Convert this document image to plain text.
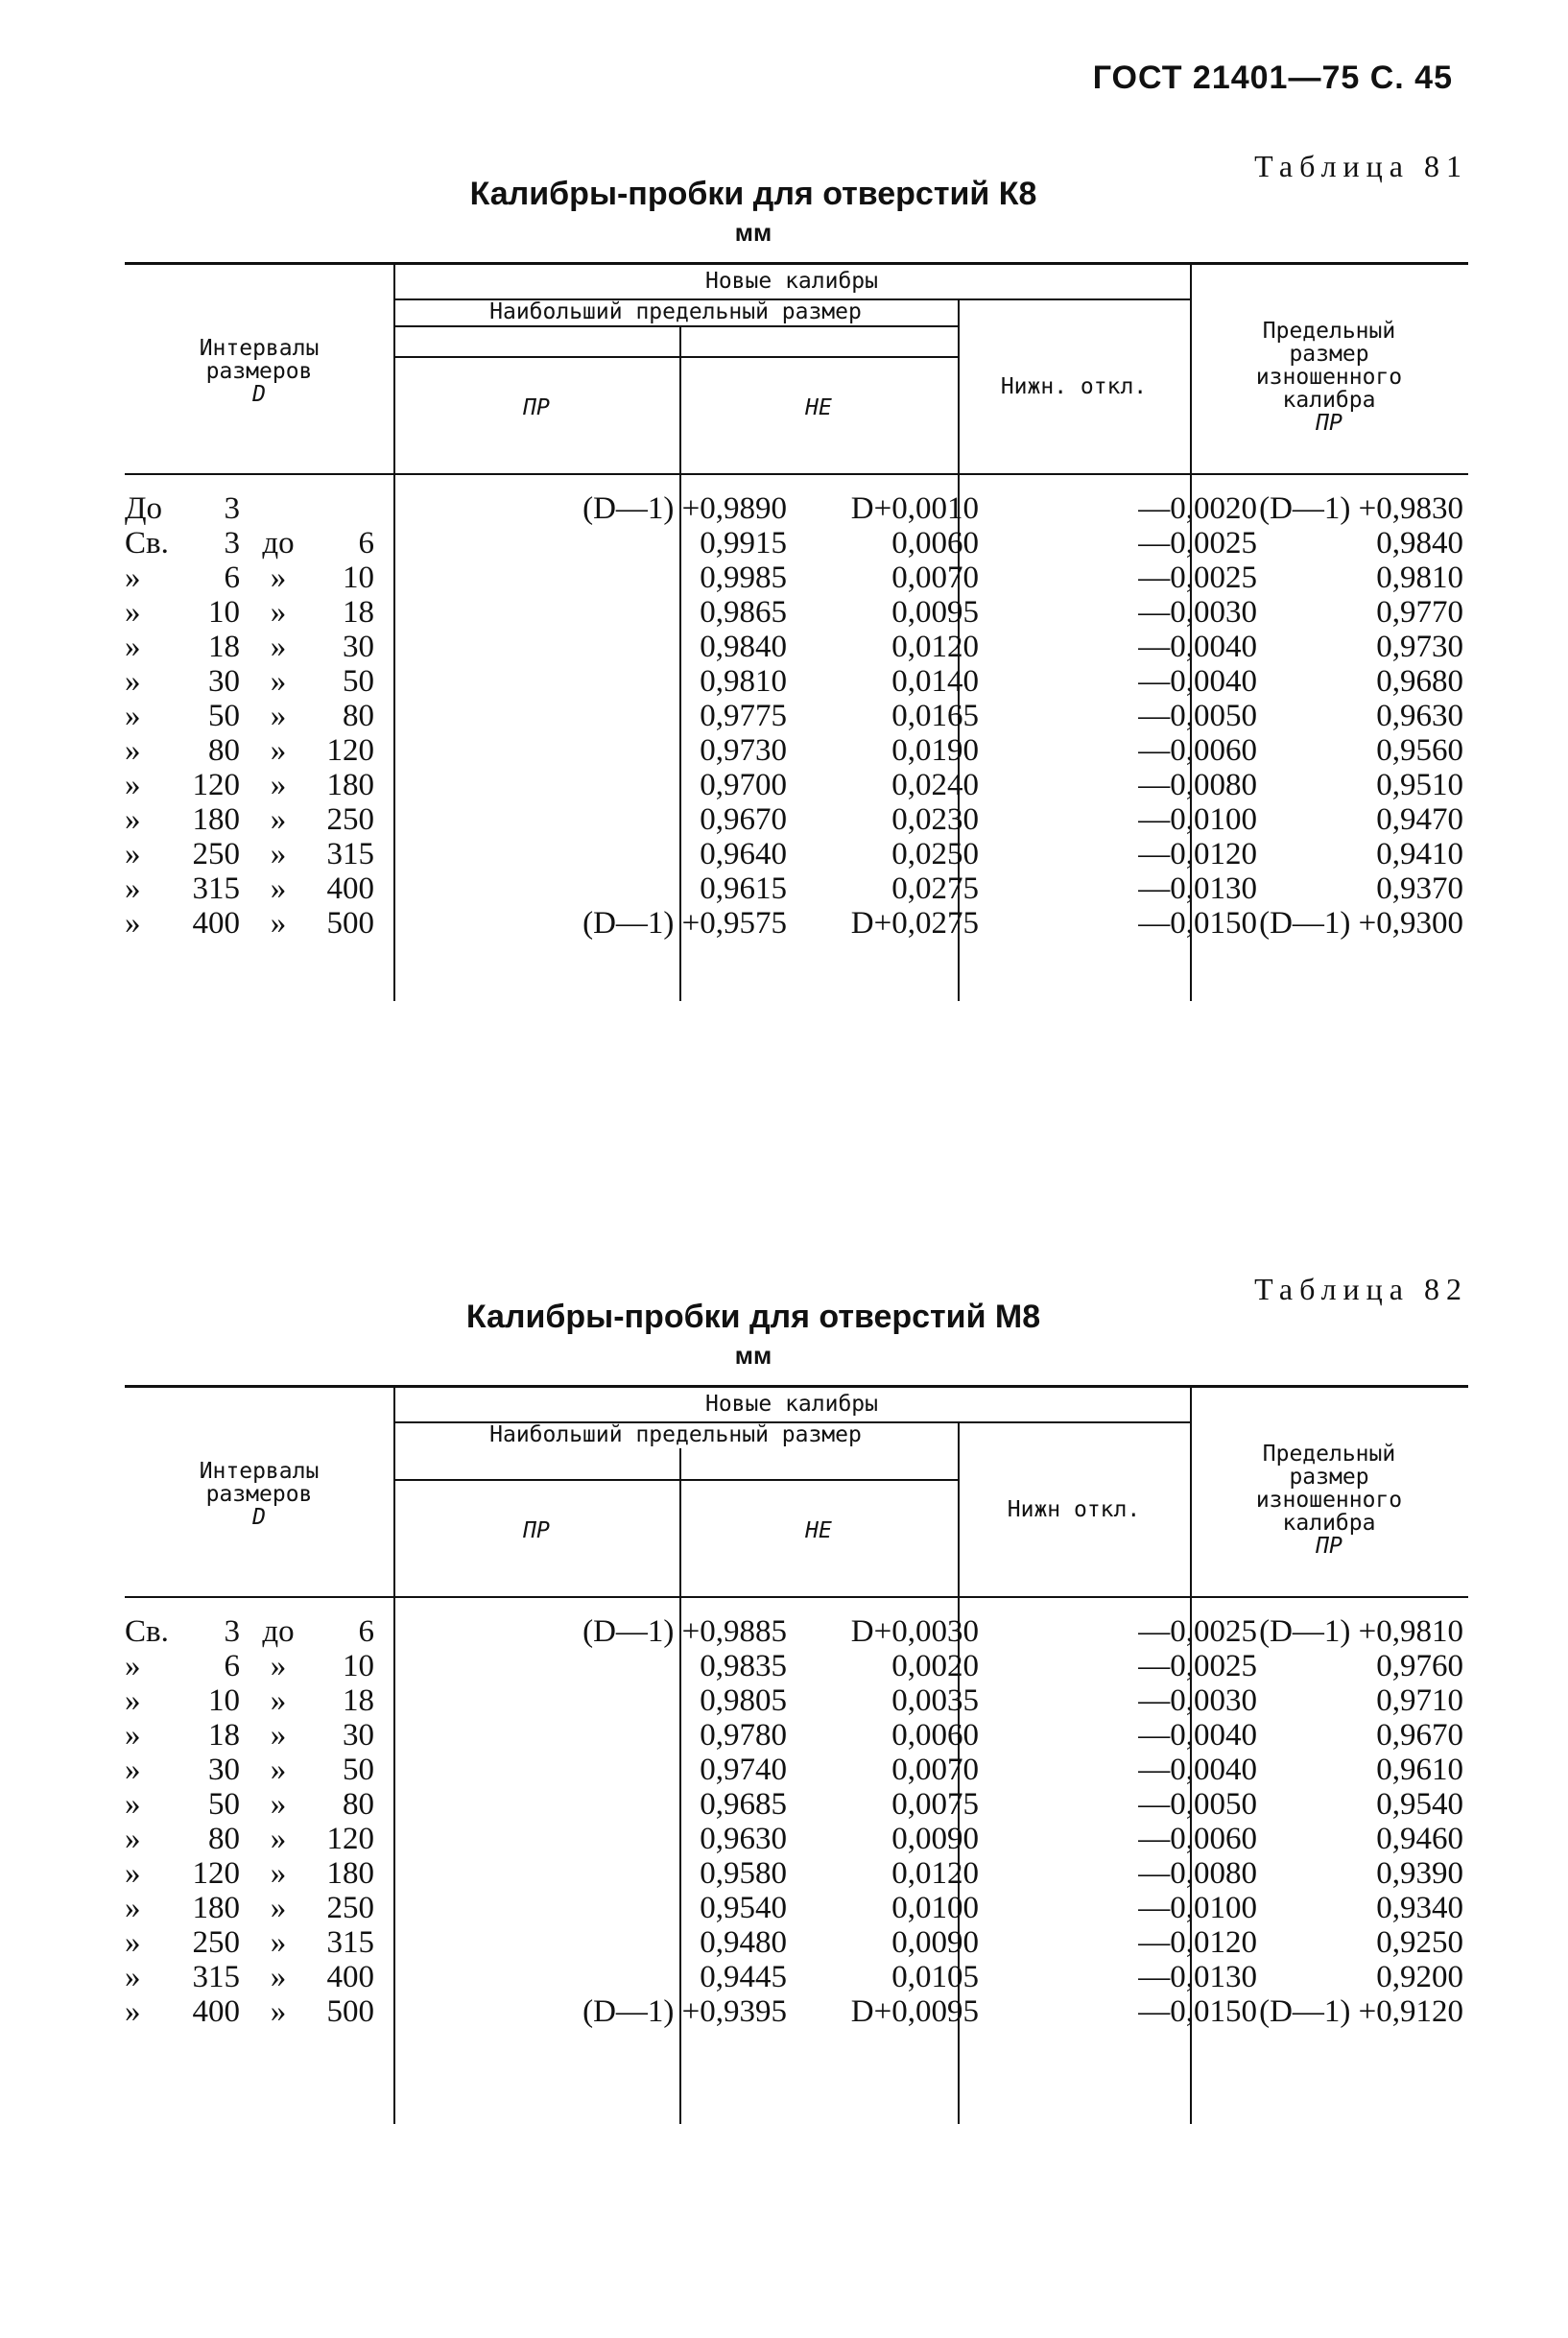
ГОСТ 21401—75 С. 45
Таблица 81
Калибры-пробки для отверстий К8
мм
Новые калибры
Наибольший предельный размер
ПР	НЕ
Нижн. откл.
Интервалы
размеров
D
Предельный
размер
изношенного
калибра
ПР
До	3	(D—1) +0,9890	D+0,0010	—0,0020 (D—1) +0,9830
Св.	3 до	6	0,9915	0,0060	—0,0025	0,9840
»	6 »	10	0,9985	0,0070	—0,0025	0,9810
»	10 »	18	0,9865	0,0095	—0,0030	0,9770
»	18 »	30	0,9840	0,0120	—0,0040	0,9730
»	30 »	50	0,9810	0,0140	—0,0040	0,9680
»	50 »	80	0,9775	0,0165	—0,0050	0,9630
»	80 »	120	0,9730	0,0190	—0,0060	0,9560
»	120 »	180	0,9700	0,0240	—0,0080	0,9510
»	180 »	250	0,9670	0,0230	—0,0100	0,9470
»	250 »	315	0,9640	0,0250	—0,0120	0,9410
»	315 »	400	0,9615	0,0275	—0,0130	0,9370
»	400 »	500	(D—1) +0,9575	D+0,0275	—0,0150 (D—1) +0,9300
Таблица 82
Калибры-пробки для отверстий М8
мм
Новые калибры
Наибольший предельный размер
ПР	НЕ
Нижн откл.
Интервалы
размеров
D
Предельный
размер
изношенного
калибра
ПР
Св.	3 до	6	(D—1) +0,9885	D+0,0030	—0,0025 (D—1) +0,9810
»	6 »	10	0,9835	0,0020	—0,0025	0,9760
»	10 »	18	0,9805	0,0035	—0,0030	0,9710
»	18 »	30	0,9780	0,0060	—0,0040	0,9670
»	30 »	50	0,9740	0,0070	—0,0040	0,9610
»	50 »	80	0,9685	0,0075	—0,0050	0,9540
»	80 »	120	0,9630	0,0090	—0,0060	0,9460
»	120 »	180	0,9580	0,0120	—0,0080	0,9390
»	180 »	250	0,9540	0,0100	—0,0100	0,9340
»	250 »	315	0,9480	0,0090	—0,0120	0,9250
»	315 »	400	0,9445	0,0105	—0,0130	0,9200
»	400 »	500	(D—1) +0,9395	D+0,0095	—0,0150 (D—1) +0,9120
